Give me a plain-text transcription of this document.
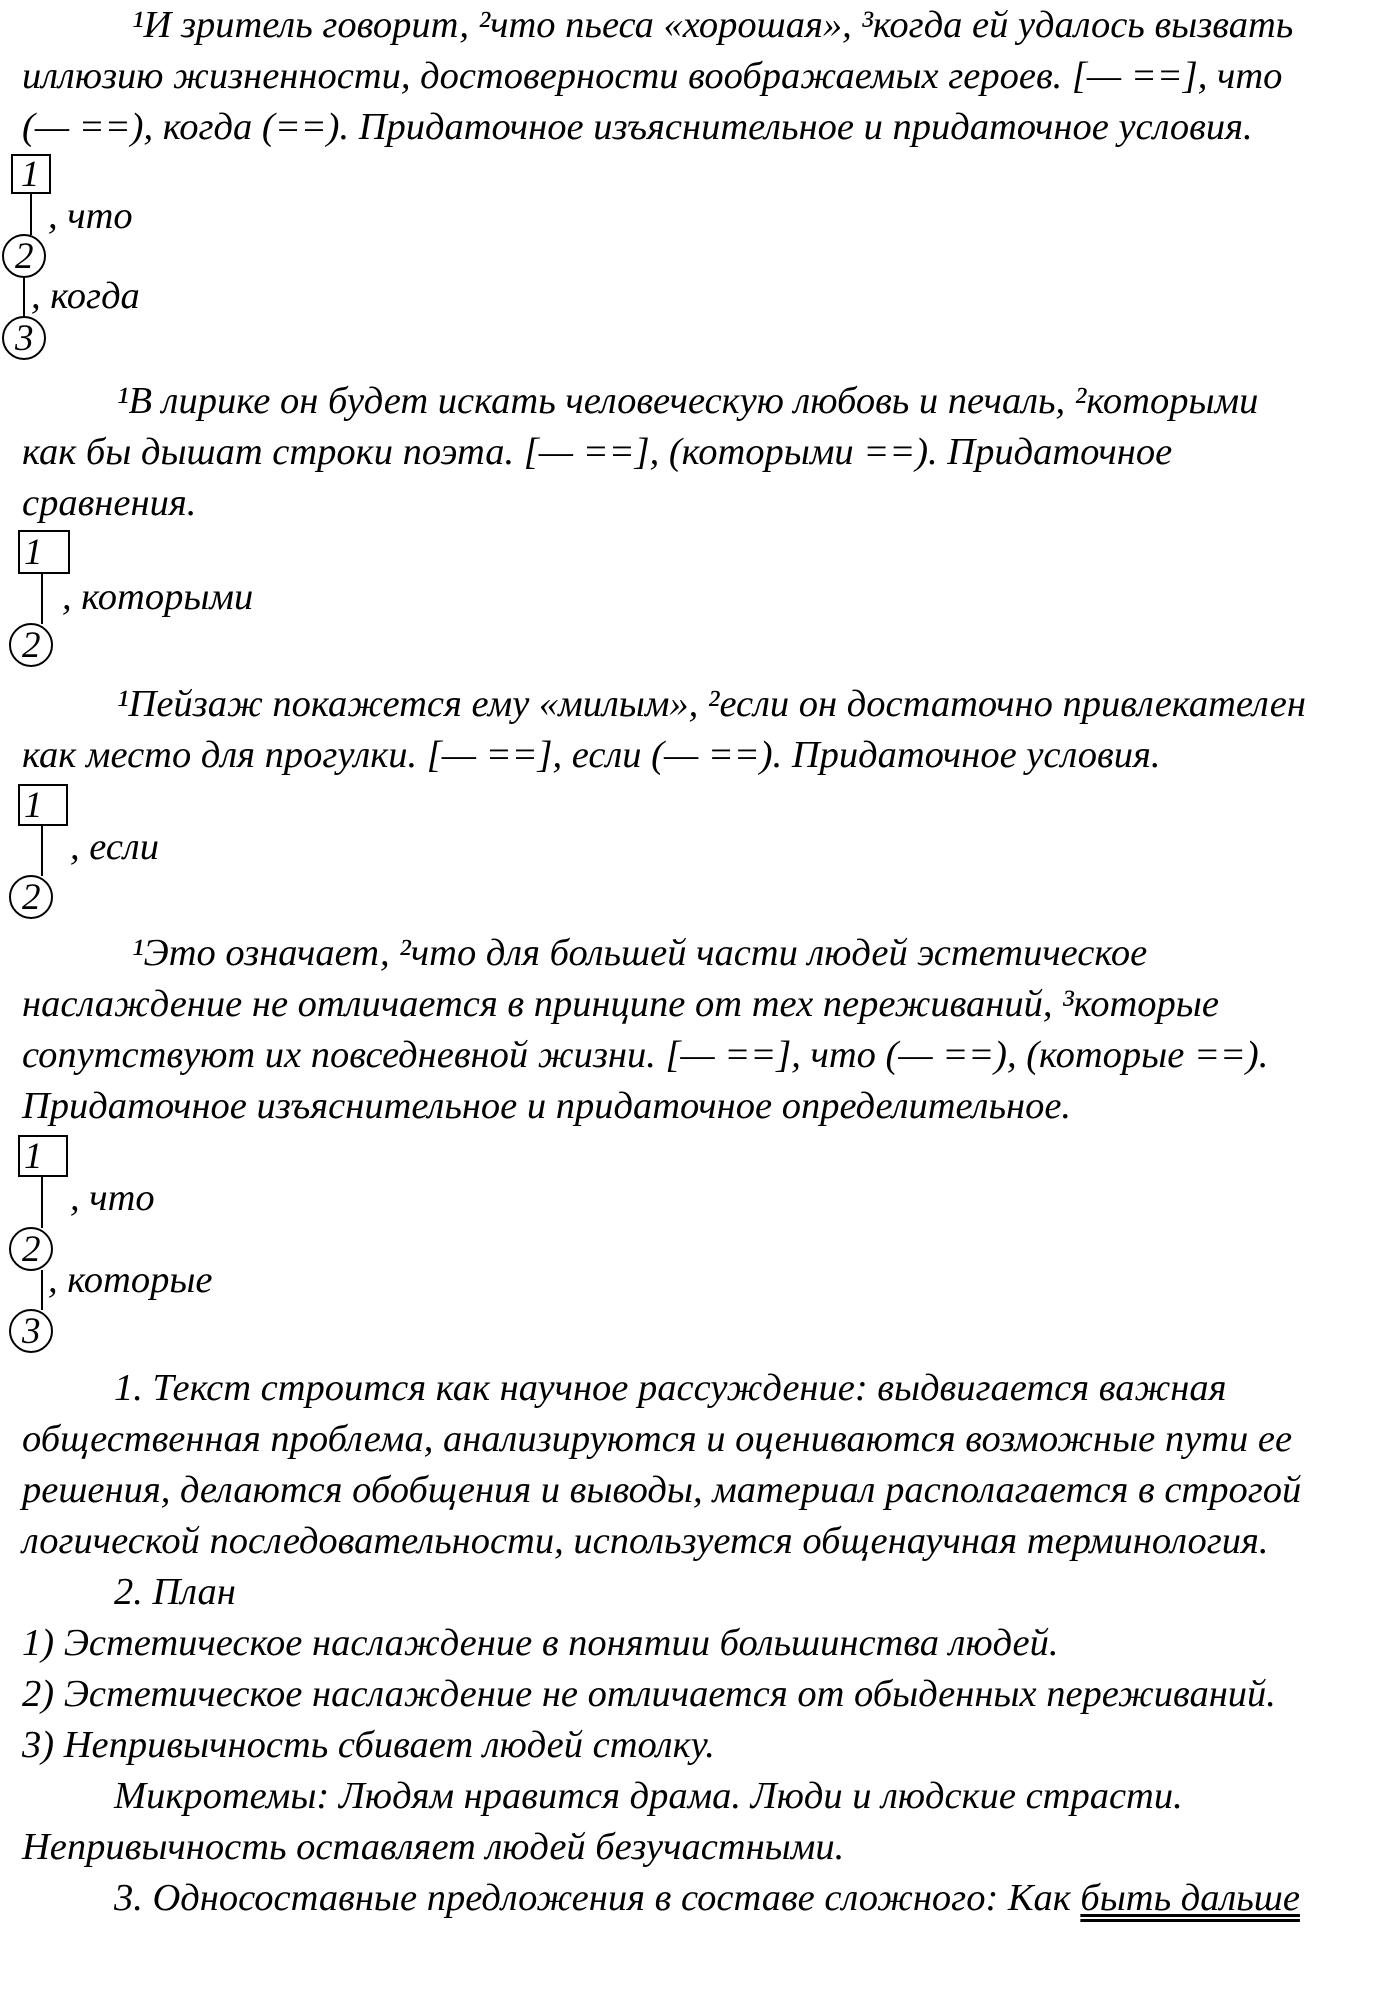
¹И зритель говорит, ²что пьеса «хорошая», ³когда ей удалось вызвать
иллюзию жизненности, достоверности воображаемых героев. [— ==], что
(— ==), когда (==). Придаточное изъяснительное и придаточное условия.
1
, что
2
, когда
3
¹В лирике он будет искать человеческую любовь и печаль, ²которыми
как бы дышат строки поэта. [— ==], (которыми ==). Придаточное
сравнения.
1
, которыми
2
¹Пейзаж покажется ему «милым», ²если он достаточно привлекателен
как место для прогулки. [— ==], если (— ==). Придаточное условия.
1
, если
2
¹Это означает, ²что для большей части людей эстетическое
наслаждение не отличается в принципе от тех переживаний, ³которые
сопутствуют их повседневной жизни. [— ==], что (— ==), (которые ==).
Придаточное изъяснительное и придаточное определительное.
1
, что
2
, которые
3
1. Текст строится как научное рассуждение: выдвигается важная
общественная проблема, анализируются и оцениваются возможные пути ее
решения, делаются обобщения и выводы, материал располагается в строгой
логической последовательности, используется общенаучная терминология.
2. План
1) Эстетическое наслаждение в понятии большинства людей.
2) Эстетическое наслаждение не отличается от обыденных переживаний.
3) Непривычность сбивает людей столку.
Микротемы: Людям нравится драма. Люди и людские страсти.
Непривычность оставляет людей безучастными.
3. Односоставные предложения в составе сложного: Как быть дальше
